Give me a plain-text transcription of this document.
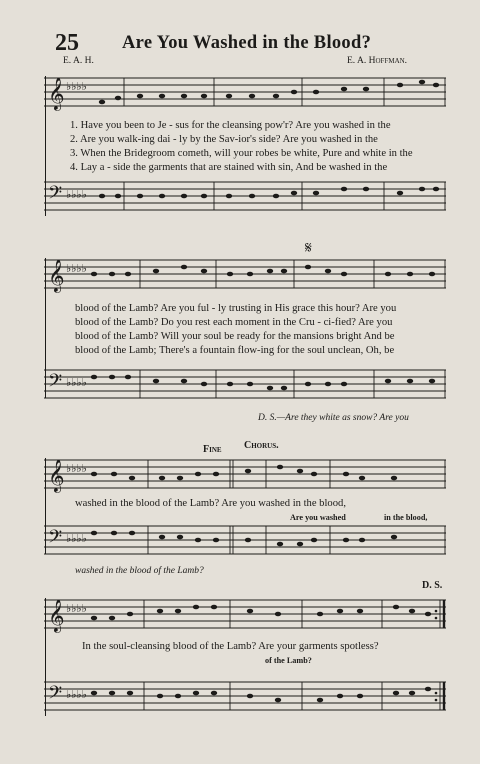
25 Are You Washed in the Blood?
E. A. H.	E. A. Hoffman.
𝄞 ♭♭♭♭
1. Have you been to Je - sus for the cleansing pow'r? Are you washed in the
2. Are you walk-ing dai - ly by the Sav-ior's side? Are you washed in the
3. When the Bridegroom cometh, will your robes be white, Pure and white in the
4. Lay a - side the garments that are stained with sin, And be washed in the
𝄢 ♭♭♭♭
𝄋
𝄞 ♭♭♭♭
blood of the Lamb? Are you ful - ly trusting in His grace this hour? Are you
blood of the Lamb? Do you rest each moment in the Cru - ci-fied? Are you
blood of the Lamb? Will your soul be ready for the mansions bright And be
blood of the Lamb; There's a fountain flow-ing for the soul unclean, Oh, be
𝄢 ♭♭♭♭
D. S.—Are they white as snow? Are you
Fine Chorus.
𝄞 ♭♭♭♭
washed in the blood of the Lamb? Are you washed in the blood,
Are you washed	in the blood,
𝄢 ♭♭♭♭
washed in the blood of the Lamb?
D. S.
𝄞 ♭♭♭♭
In the soul-cleansing blood of the Lamb? Are your garments spotless?
of the Lamb?
𝄢 ♭♭♭♭
